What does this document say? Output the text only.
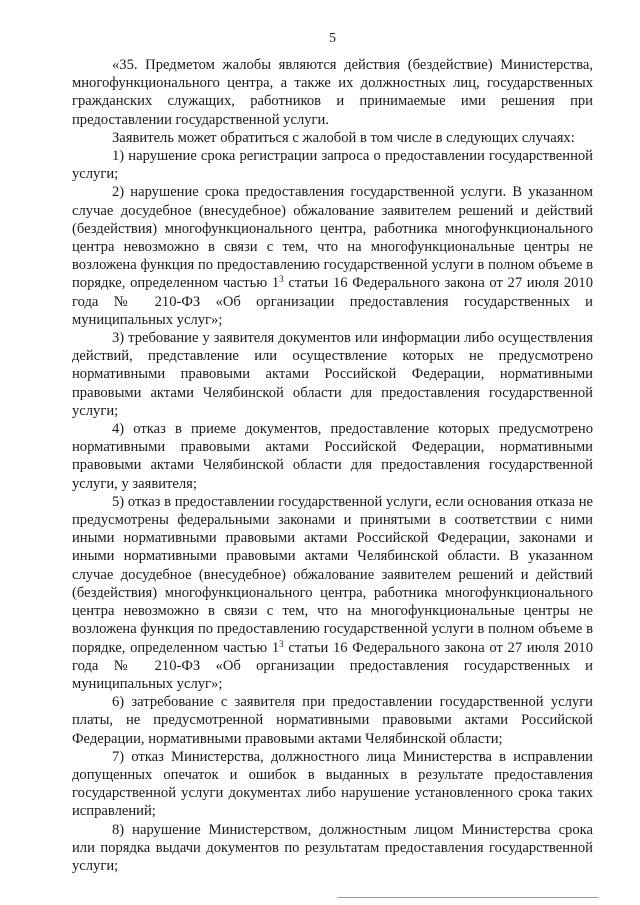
5

«35. Предметом жалобы являются действия (бездействие) Министерства, многофункционального центра, а также их должностных лиц, государственных гражданских служащих, работников и принимаемые ими решения при предоставлении государственной услуги.

Заявитель может обратиться с жалобой в том числе в следующих случаях:

1) нарушение срока регистрации запроса о предоставлении государственной услуги;

2) нарушение срока предоставления государственной услуги. В указанном случае досудебное (внесудебное) обжалование заявителем решений и действий (бездействия) многофункционального центра, работника многофункционального центра невозможно в связи с тем, что на многофункциональные центры не возложена функция по предоставлению государственной услуги в полном объеме в порядке, определенном частью $1^3$ статьи 16 Федерального закона от 27 июля 2010 года № 210-ФЗ «Об организации предоставления государственных и муниципальных услуг»;

3) требование у заявителя документов или информации либо осуществления действий, представление или осуществление которых не предусмотрено нормативными правовыми актами Российской Федерации, нормативными правовыми актами Челябинской области для предоставления государственной услуги;

4) отказ в приеме документов, предоставление которых предусмотрено нормативными правовыми актами Российской Федерации, нормативными правовыми актами Челябинской области для предоставления государственной услуги, у заявителя;

5) отказ в предоставлении государственной услуги, если основания отказа не предусмотрены федеральными законами и принятыми в соответствии с ними иными нормативными правовыми актами Российской Федерации, законами и иными нормативными правовыми актами Челябинской области. В указанном случае досудебное (внесудебное) обжалование заявителем решений и действий (бездействия) многофункционального центра, работника многофункционального центра невозможно в связи с тем, что на многофункциональные центры не возложена функция по предоставлению государственной услуги в полном объеме в порядке, определенном частью $1^3$ статьи 16 Федерального закона от 27 июля 2010 года № 210-ФЗ «Об организации предоставления государственных и муниципальных услуг»;

6) затребование с заявителя при предоставлении государственной услуги платы, не предусмотренной нормативными правовыми актами Российской Федерации, нормативными правовыми актами Челябинской области;

7) отказ Министерства, должностного лица Министерства в исправлении допущенных опечаток и ошибок в выданных в результате предоставления государственной услуги документах либо нарушение установленного срока таких исправлений;

8) нарушение Министерством, должностным лицом Министерства срока или порядка выдачи документов по результатам предоставления государственной услуги;
